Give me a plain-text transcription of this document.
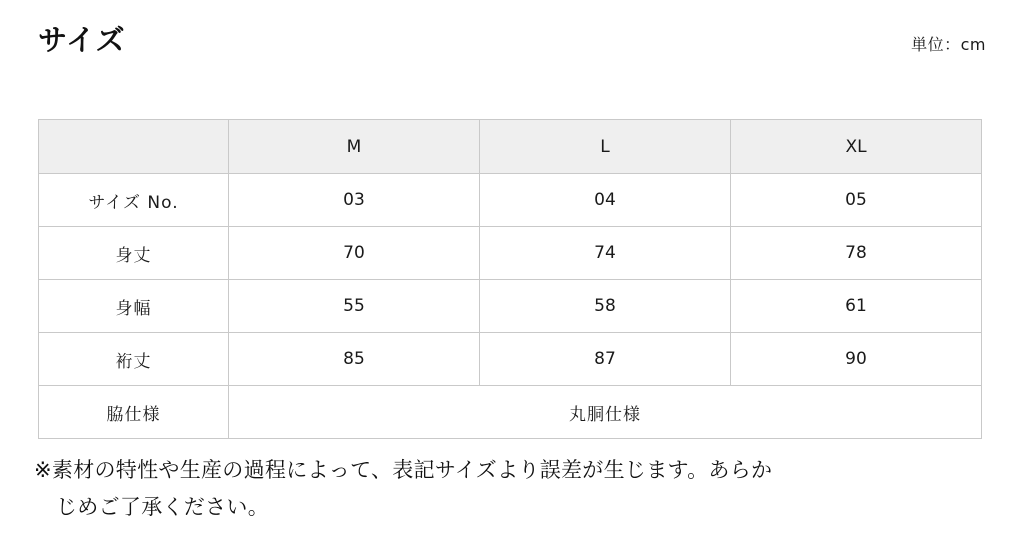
サイズ	単位：cm
	M	L	XL
サイズ No.	03	04	05
身丈	70	74	78
身幅	55	58	61
裄丈	85	87	90
脇仕様	丸胴仕様		
※素材の特性や生産の過程によって、表記サイズより誤差が生じます。あらか
じめご了承ください。
